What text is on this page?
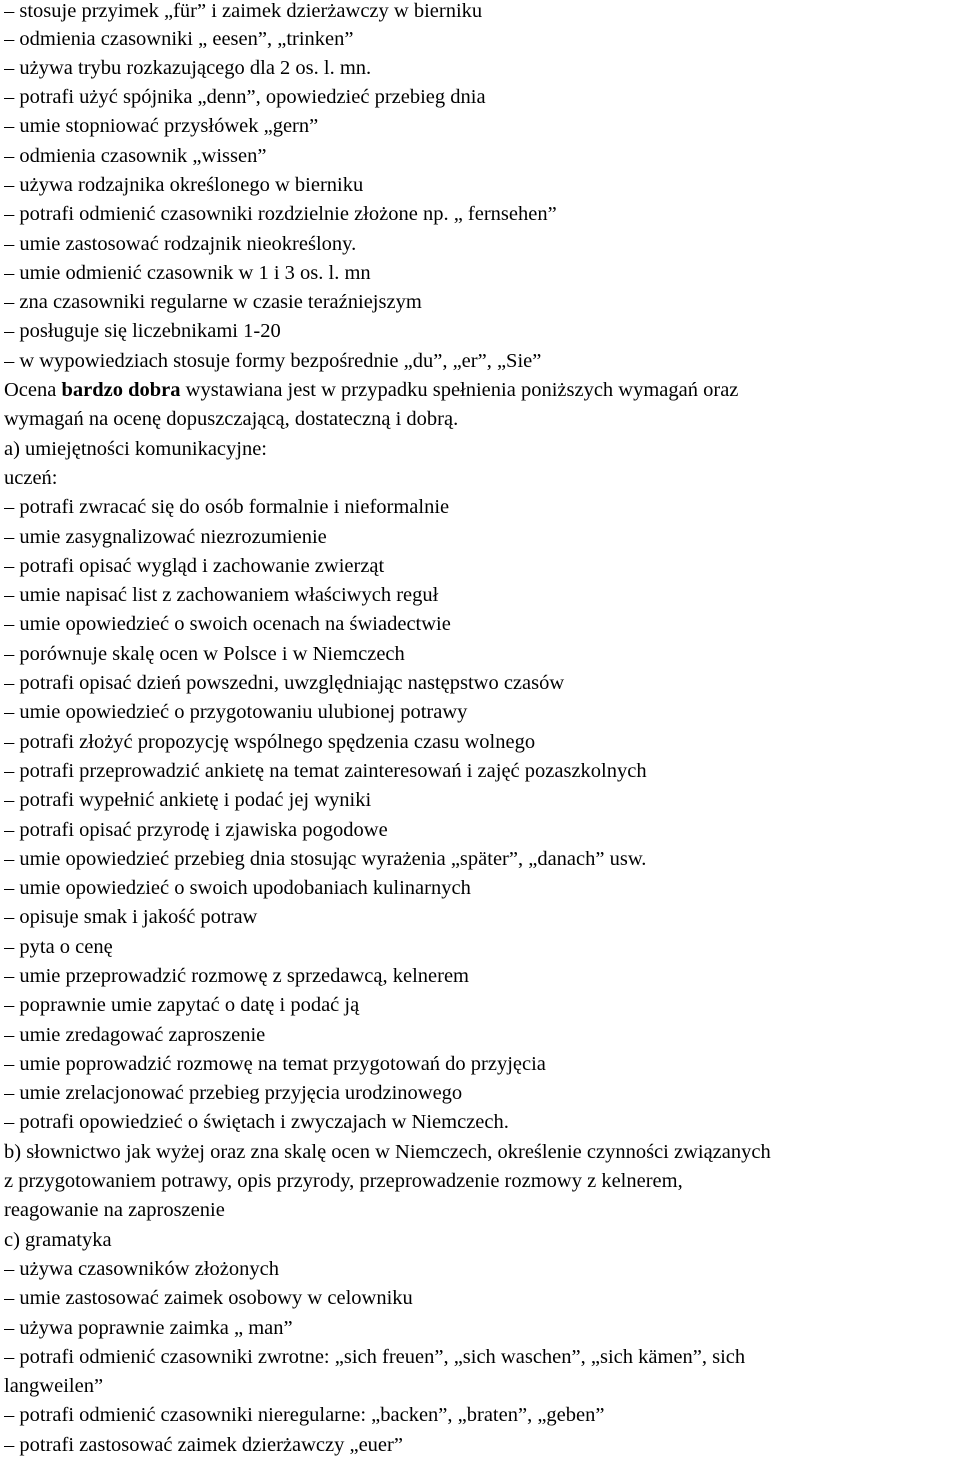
– stosuje przyimek „für” i zaimek dzierżawczy w bierniku
– odmienia czasowniki „ eesen”, „trinken”
– używa trybu rozkazującego dla 2 os. l. mn.
– potrafi użyć spójnika „denn”, opowiedzieć przebieg dnia
– umie stopniować przysłówek „gern”
– odmienia czasownik „wissen”
– używa rodzajnika określonego w bierniku
– potrafi odmienić czasowniki rozdzielnie złożone np. „ fernsehen”
– umie zastosować rodzajnik nieokreślony.
– umie odmienić czasownik w 1 i 3 os. l. mn
– zna czasowniki regularne w czasie teraźniejszym
– posługuje się liczebnikami 1-20
– w wypowiedziach stosuje formy bezpośrednie „du”, „er”, „Sie”
Ocena bardzo dobra wystawiana jest w przypadku spełnienia poniższych wymagań oraz
wymagań na ocenę dopuszczającą, dostateczną i dobrą.
a) umiejętności komunikacyjne:
uczeń:
– potrafi zwracać się do osób formalnie i nieformalnie
– umie zasygnalizować niezrozumienie
– potrafi opisać wygląd i zachowanie zwierząt
– umie napisać list z zachowaniem właściwych reguł
– umie opowiedzieć o swoich ocenach na świadectwie
– porównuje skalę ocen w Polsce i w Niemczech
– potrafi opisać dzień powszedni, uwzględniając następstwo czasów
– umie opowiedzieć o przygotowaniu ulubionej potrawy
– potrafi złożyć propozycję wspólnego spędzenia czasu wolnego
– potrafi przeprowadzić ankietę na temat zainteresowań i zajęć pozaszkolnych
– potrafi wypełnić ankietę i podać jej wyniki
– potrafi opisać przyrodę i zjawiska pogodowe
– umie opowiedzieć przebieg dnia stosując wyrażenia „später”, „danach” usw.
– umie opowiedzieć o swoich upodobaniach kulinarnych
– opisuje smak i jakość potraw
– pyta o cenę
– umie przeprowadzić rozmowę z sprzedawcą, kelnerem
– poprawnie umie zapytać o datę i podać ją
– umie zredagować zaproszenie
– umie poprowadzić rozmowę na temat przygotowań do przyjęcia
– umie zrelacjonować przebieg przyjęcia urodzinowego
– potrafi opowiedzieć o świętach i zwyczajach w Niemczech.
b) słownictwo jak wyżej oraz zna skalę ocen w Niemczech, określenie czynności związanych
z przygotowaniem potrawy, opis przyrody, przeprowadzenie rozmowy z kelnerem,
reagowanie na zaproszenie
c) gramatyka
– używa czasowników złożonych
– umie zastosować zaimek osobowy w celowniku
– używa poprawnie zaimka „ man”
– potrafi odmienić czasowniki zwrotne: „sich freuen”, „sich waschen”, „sich kämen”, sich
langweilen”
– potrafi odmienić czasowniki nieregularne: „backen”, „braten”, „geben”
– potrafi zastosować zaimek dzierżawczy „euer”
